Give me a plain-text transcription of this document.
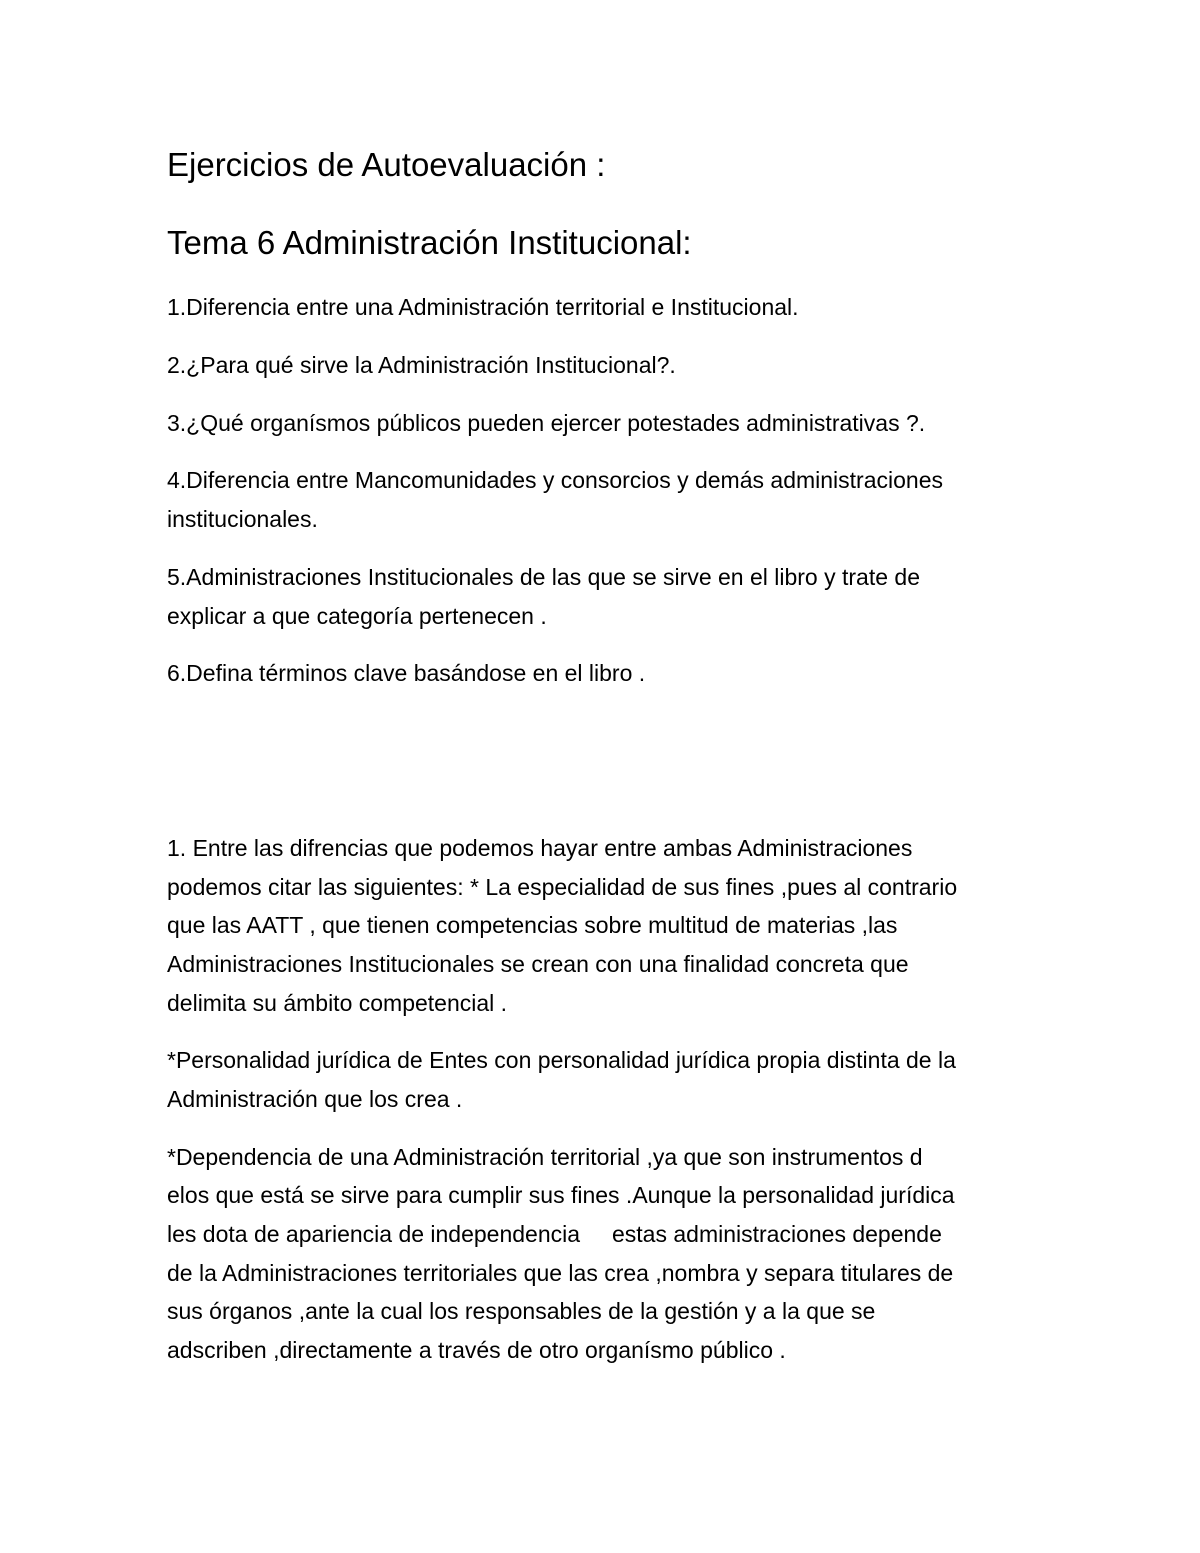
Ejercicios de Autoevaluación :
Tema 6 Administración Institucional:
1.Diferencia entre una Administración territorial e Institucional.
2.¿Para qué sirve la Administración Institucional?.
3.¿Qué organísmos públicos pueden ejercer potestades administrativas ?.
4.Diferencia entre Mancomunidades y consorcios y demás administraciones
institucionales.
5.Administraciones Institucionales de las que se sirve en el libro y trate de
explicar a que categoría pertenecen .
6.Defina términos clave basándose en el libro .
1. Entre las difrencias que podemos hayar entre ambas Administraciones
podemos citar las siguientes: * La especialidad de sus fines ,pues al contrario
que las AATT , que tienen competencias sobre multitud de materias ,las
Administraciones Institucionales se crean con una finalidad concreta que
delimita su ámbito competencial .
*Personalidad jurídica de Entes con personalidad jurídica propia distinta de la
Administración que los crea .
*Dependencia de una Administración territorial ,ya que son instrumentos d
elos que está se sirve para cumplir sus fines .Aunque la personalidad jurídica
les dota de apariencia de independencia     estas administraciones depende
de la Administraciones territoriales que las crea ,nombra y separa titulares de
sus órganos ,ante la cual los responsables de la gestión y a la que se
adscriben ,directamente a través de otro organísmo público .
